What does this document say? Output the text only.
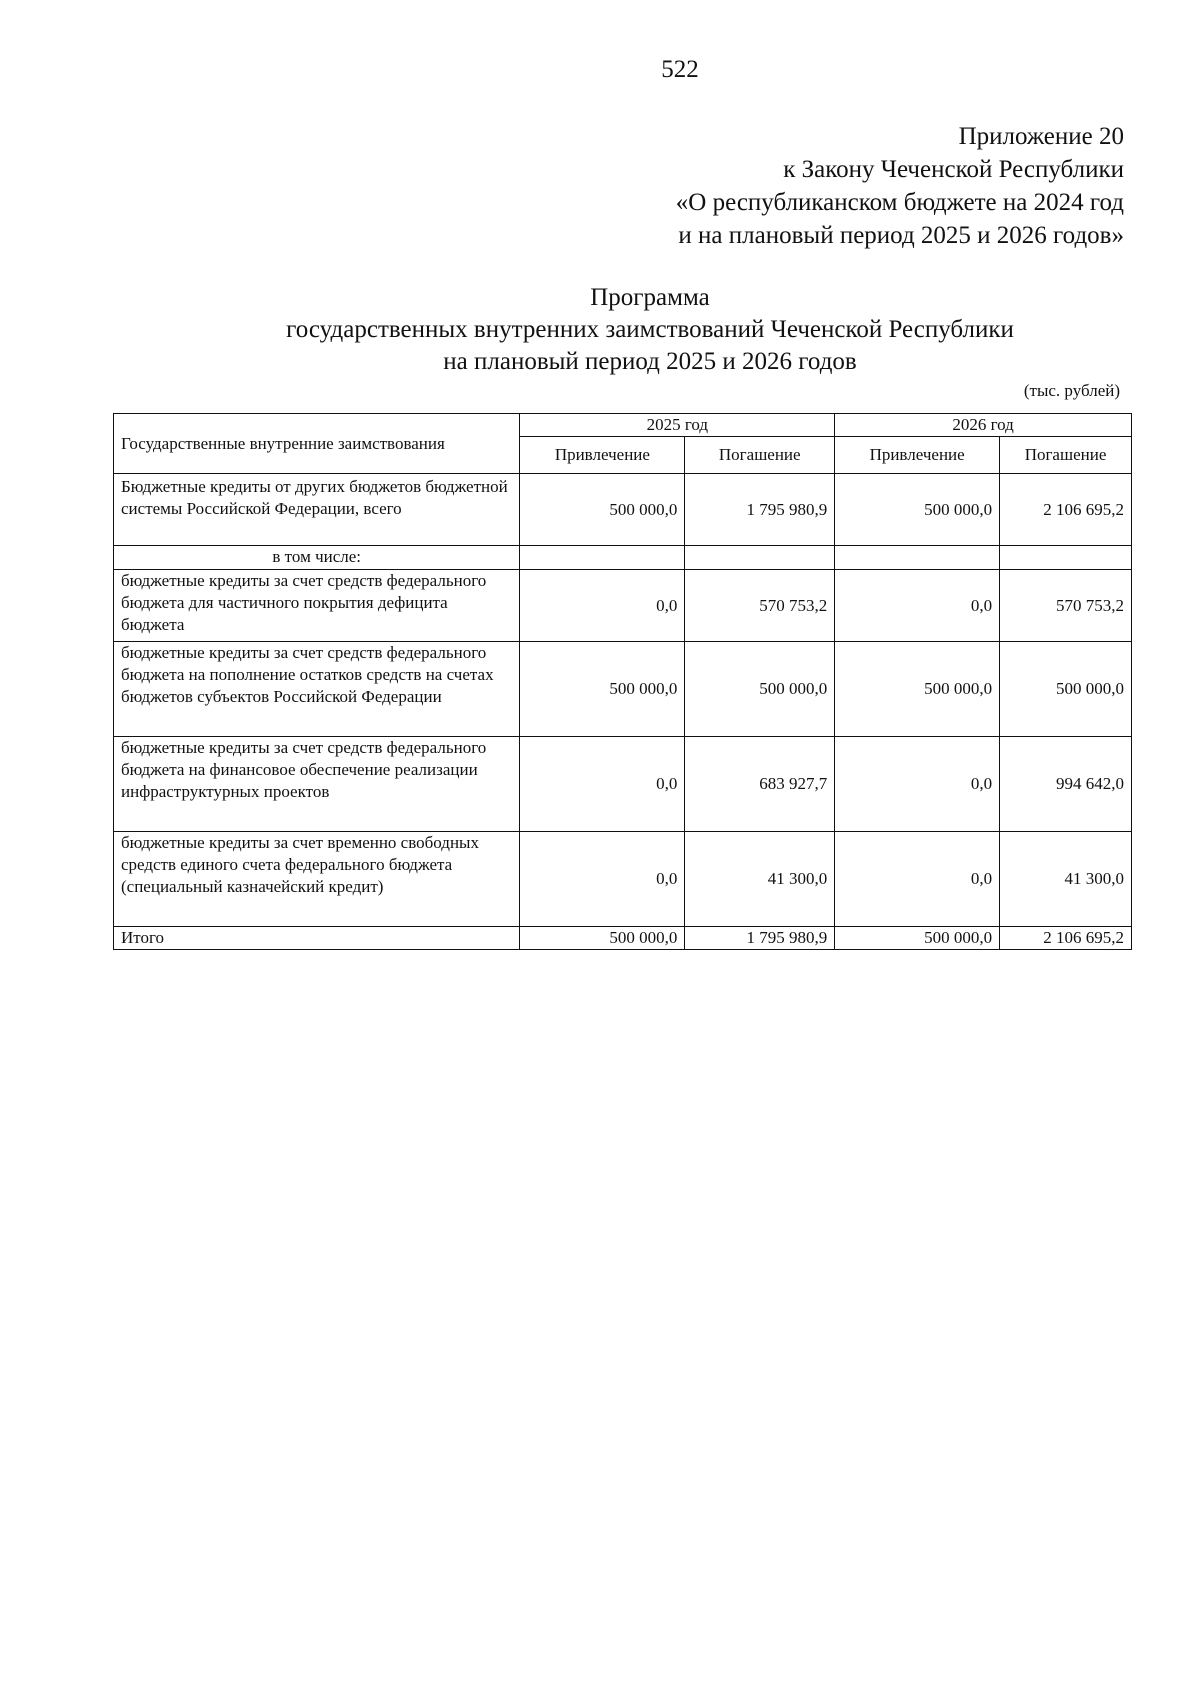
522
Приложение 20
к Закону Чеченской Республики
«О республиканском бюджете на 2024 год
и на плановый период 2025 и 2026 годов»
Программа
государственных внутренних заимствований Чеченской Республики
на плановый период 2025 и 2026 годов
(тыс. рублей)
Государственные внутренние заимствования	2025 год		2026 год	
	Привлечение	Погашение	Привлечение	Погашение
Бюджетные кредиты от других бюджетов бюджетной системы Российской Федерации, всего	500 000,0	1 795 980,9	500 000,0	2 106 695,2
в том числе:				
бюджетные кредиты за счет средств федерального бюджета для частичного покрытия дефицита бюджета	0,0	570 753,2	0,0	570 753,2
бюджетные кредиты за счет средств федерального бюджета на пополнение остатков средств на счетах бюджетов субъектов Российской Федерации	500 000,0	500 000,0	500 000,0	500 000,0
бюджетные кредиты за счет средств федерального бюджета на финансовое обеспечение реализации инфраструктурных проектов	0,0	683 927,7	0,0	994 642,0
бюджетные кредиты за счет временно свободных средств единого счета федерального бюджета (специальный казначейский кредит)	0,0	41 300,0	0,0	41 300,0
Итого	500 000,0	1 795 980,9	500 000,0	2 106 695,2
